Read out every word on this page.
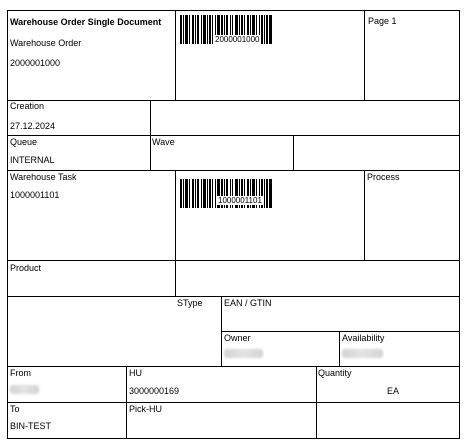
Warehouse Order Single Document
Warehouse Order
2000001000
2000001000
Page 1
Creation
27.12.2024
Queue
INTERNAL
Wave
Warehouse Task
1000001101
1000001101
Process
Product
SType EAN / GTIN
Owner	Availability
From	HU
3000000169
Quantity
EA
To
BIN-TEST
Pick-HU
